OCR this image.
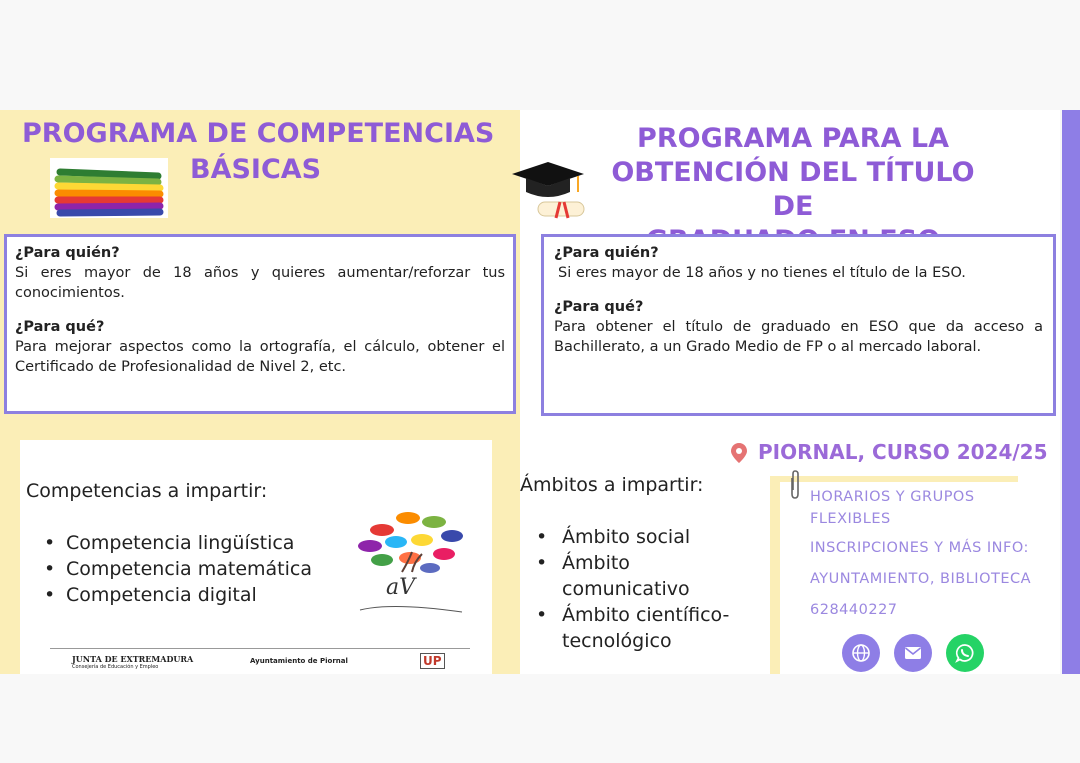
PROGRAMA DE COMPETENCIAS
BÁSICAS
¿Para quién?
Si eres mayor de 18 años y quieres aumentar/reforzar tus conocimientos.
¿Para qué?
Para mejorar aspectos como la ortografía, el cálculo, obtener el Certificado de Profesionalidad de Nivel 2, etc.
Competencias a impartir:
• Competencia lingüística
• Competencia matemática
• Competencia digital	aV
JUNTA DE EXTREMADURA
Consejería de Educación y Empleo
Ayuntamiento de Piornal	UP
PROGRAMA PARA LA
OBTENCIÓN DEL TÍTULO DE
¿Para quién?
Si eres mayor de 18 años y no tienes el título de la ESO.
¿Para qué?
Para obtener el título de graduado en ESO que da acceso a Bachillerato, a un Grado Medio de FP o al mercado laboral.
PIORNAL, CURSO 2024/25
Ámbitos a impartir:
• Ámbito social
• Ámbito comunicativo
• Ámbito científico-tecnológico
HORARIOS Y GRUPOS FLEXIBLES
INSCRIPCIONES Y MÁS INFO:
AYUNTAMIENTO, BIBLIOTECA
628440227
